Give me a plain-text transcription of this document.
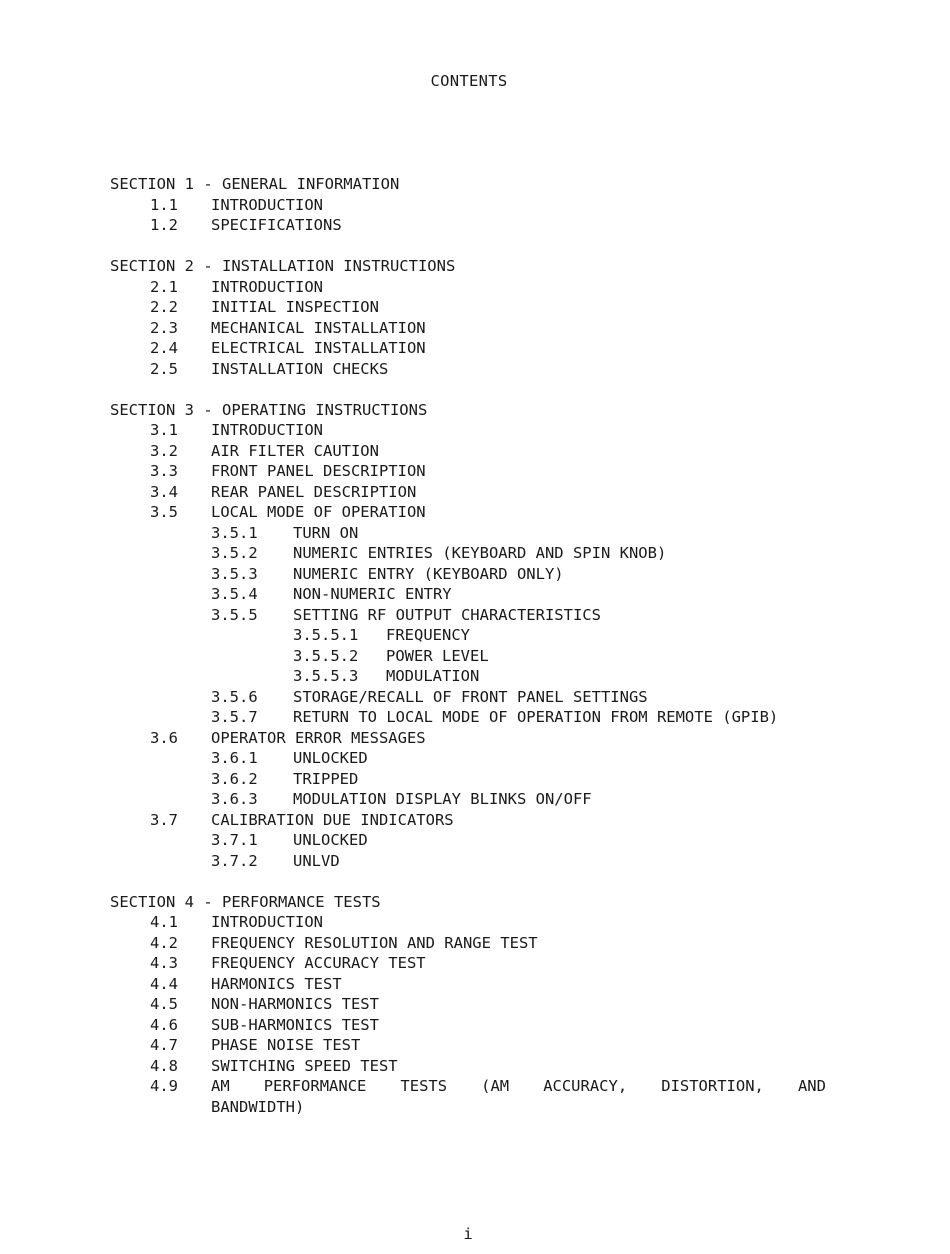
CONTENTS
SECTION 1 - GENERAL INFORMATION
1.1 INTRODUCTION
1.2 SPECIFICATIONS
SECTION 2 - INSTALLATION INSTRUCTIONS
2.1 INTRODUCTION
2.2 INITIAL INSPECTION
2.3 MECHANICAL INSTALLATION
2.4 ELECTRICAL INSTALLATION
2.5 INSTALLATION CHECKS
SECTION 3 - OPERATING INSTRUCTIONS
3.1 INTRODUCTION
3.2 AIR FILTER CAUTION
3.3 FRONT PANEL DESCRIPTION
3.4 REAR PANEL DESCRIPTION
3.5 LOCAL MODE OF OPERATION
3.5.1 TURN ON
3.5.2 NUMERIC ENTRIES (KEYBOARD AND SPIN KNOB)
3.5.3 NUMERIC ENTRY (KEYBOARD ONLY)
3.5.4 NON-NUMERIC ENTRY
3.5.5 SETTING RF OUTPUT CHARACTERISTICS
3.5.5.1 FREQUENCY
3.5.5.2 POWER LEVEL
3.5.5.3 MODULATION
3.5.6 STORAGE/RECALL OF FRONT PANEL SETTINGS
3.5.7 RETURN TO LOCAL MODE OF OPERATION FROM REMOTE (GPIB)
3.6 OPERATOR ERROR MESSAGES
3.6.1 UNLOCKED
3.6.2 TRIPPED
3.6.3 MODULATION DISPLAY BLINKS ON/OFF
3.7 CALIBRATION DUE INDICATORS
3.7.1 UNLOCKED
3.7.2 UNLVD
SECTION 4 - PERFORMANCE TESTS
4.1 INTRODUCTION
4.2 FREQUENCY RESOLUTION AND RANGE TEST
4.3 FREQUENCY ACCURACY TEST
4.4 HARMONICS TEST
4.5 NON-HARMONICS TEST
4.6 SUB-HARMONICS TEST
4.7 PHASE NOISE TEST
4.8 SWITCHING SPEED TEST
4.9	AM PERFORMANCE TESTS (AM ACCURACY, DISTORTION, AND
BANDWIDTH)
i
